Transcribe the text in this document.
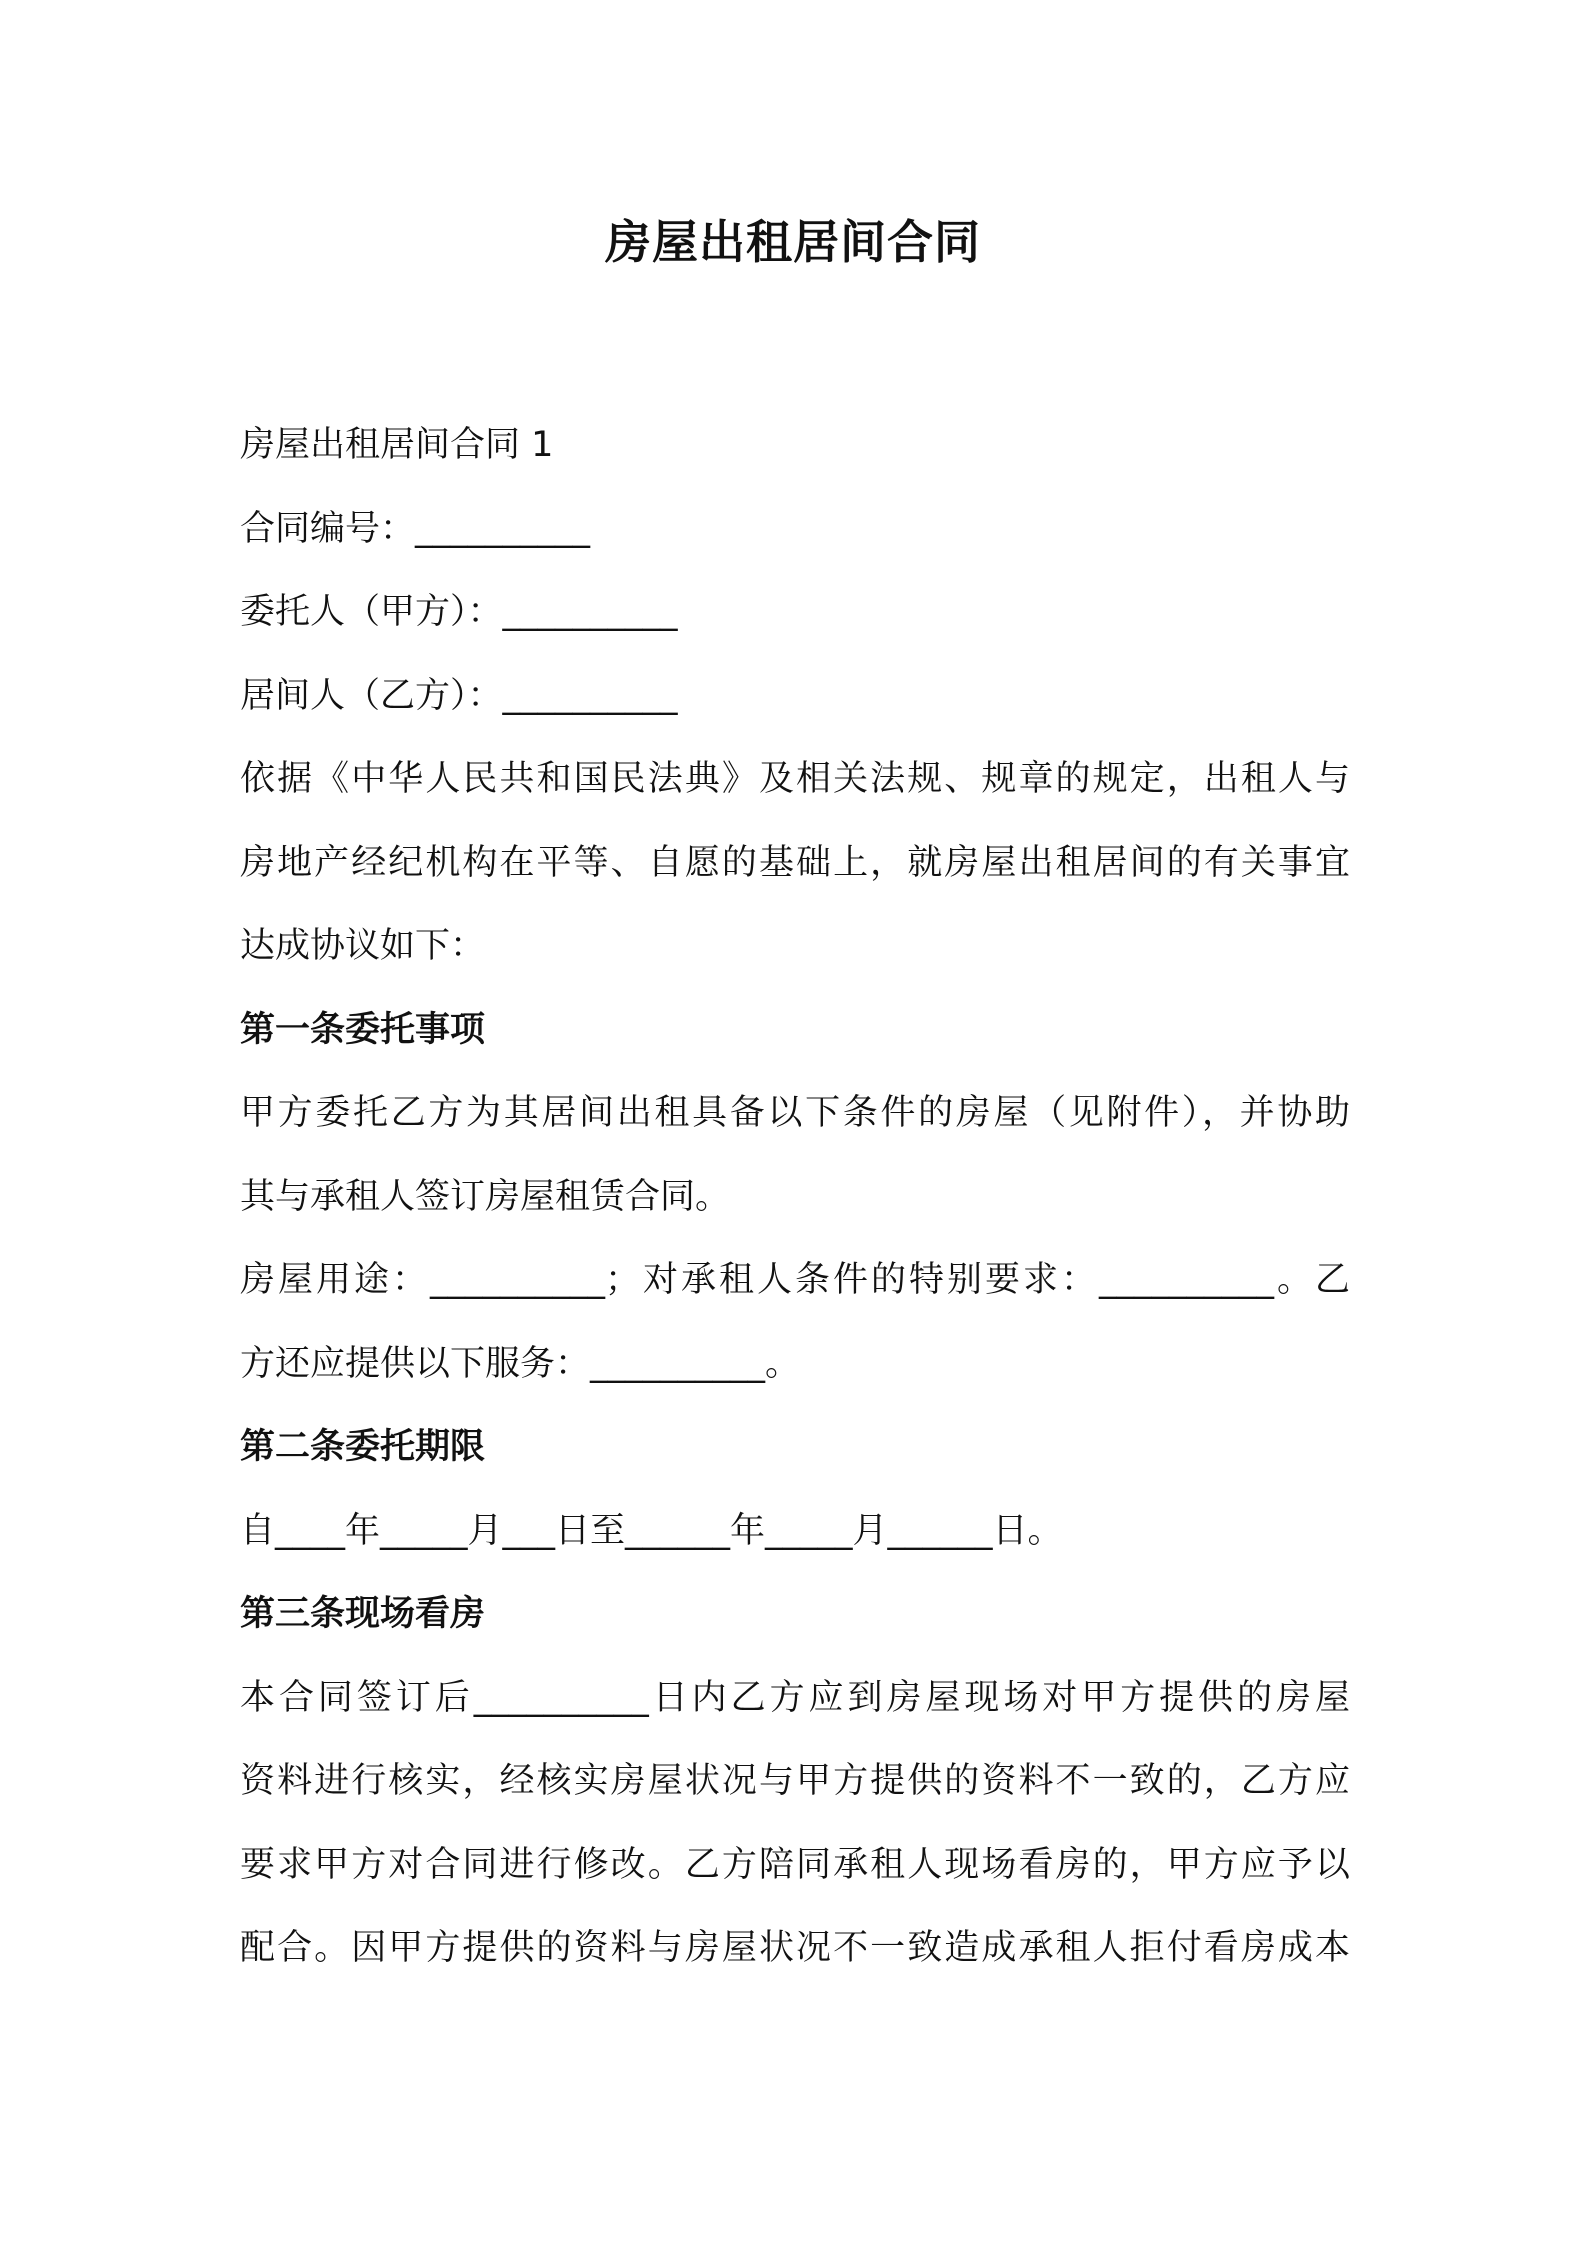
房屋出租居间合同
房屋出租居间合同 1
合同编号：__________
委托人（甲方）：__________
居间人（乙方）：__________
依据《中华人民共和国民法典》及相关法规、规章的规定，出租人与
房地产经纪机构在平等、自愿的基础上，就房屋出租居间的有关事宜
达成协议如下：
第一条委托事项
甲方委托乙方为其居间出租具备以下条件的房屋（见附件），并协助
其与承租人签订房屋租赁合同。
房屋用途：__________；对承租人条件的特别要求：__________。乙
方还应提供以下服务：__________。
第二条委托期限
自____年_____月___日至______年_____月______日。
第三条现场看房
本合同签订后__________日内乙方应到房屋现场对甲方提供的房屋
资料进行核实，经核实房屋状况与甲方提供的资料不一致的，乙方应
要求甲方对合同进行修改。乙方陪同承租人现场看房的，甲方应予以
配合。因甲方提供的资料与房屋状况不一致造成承租人拒付看房成本
